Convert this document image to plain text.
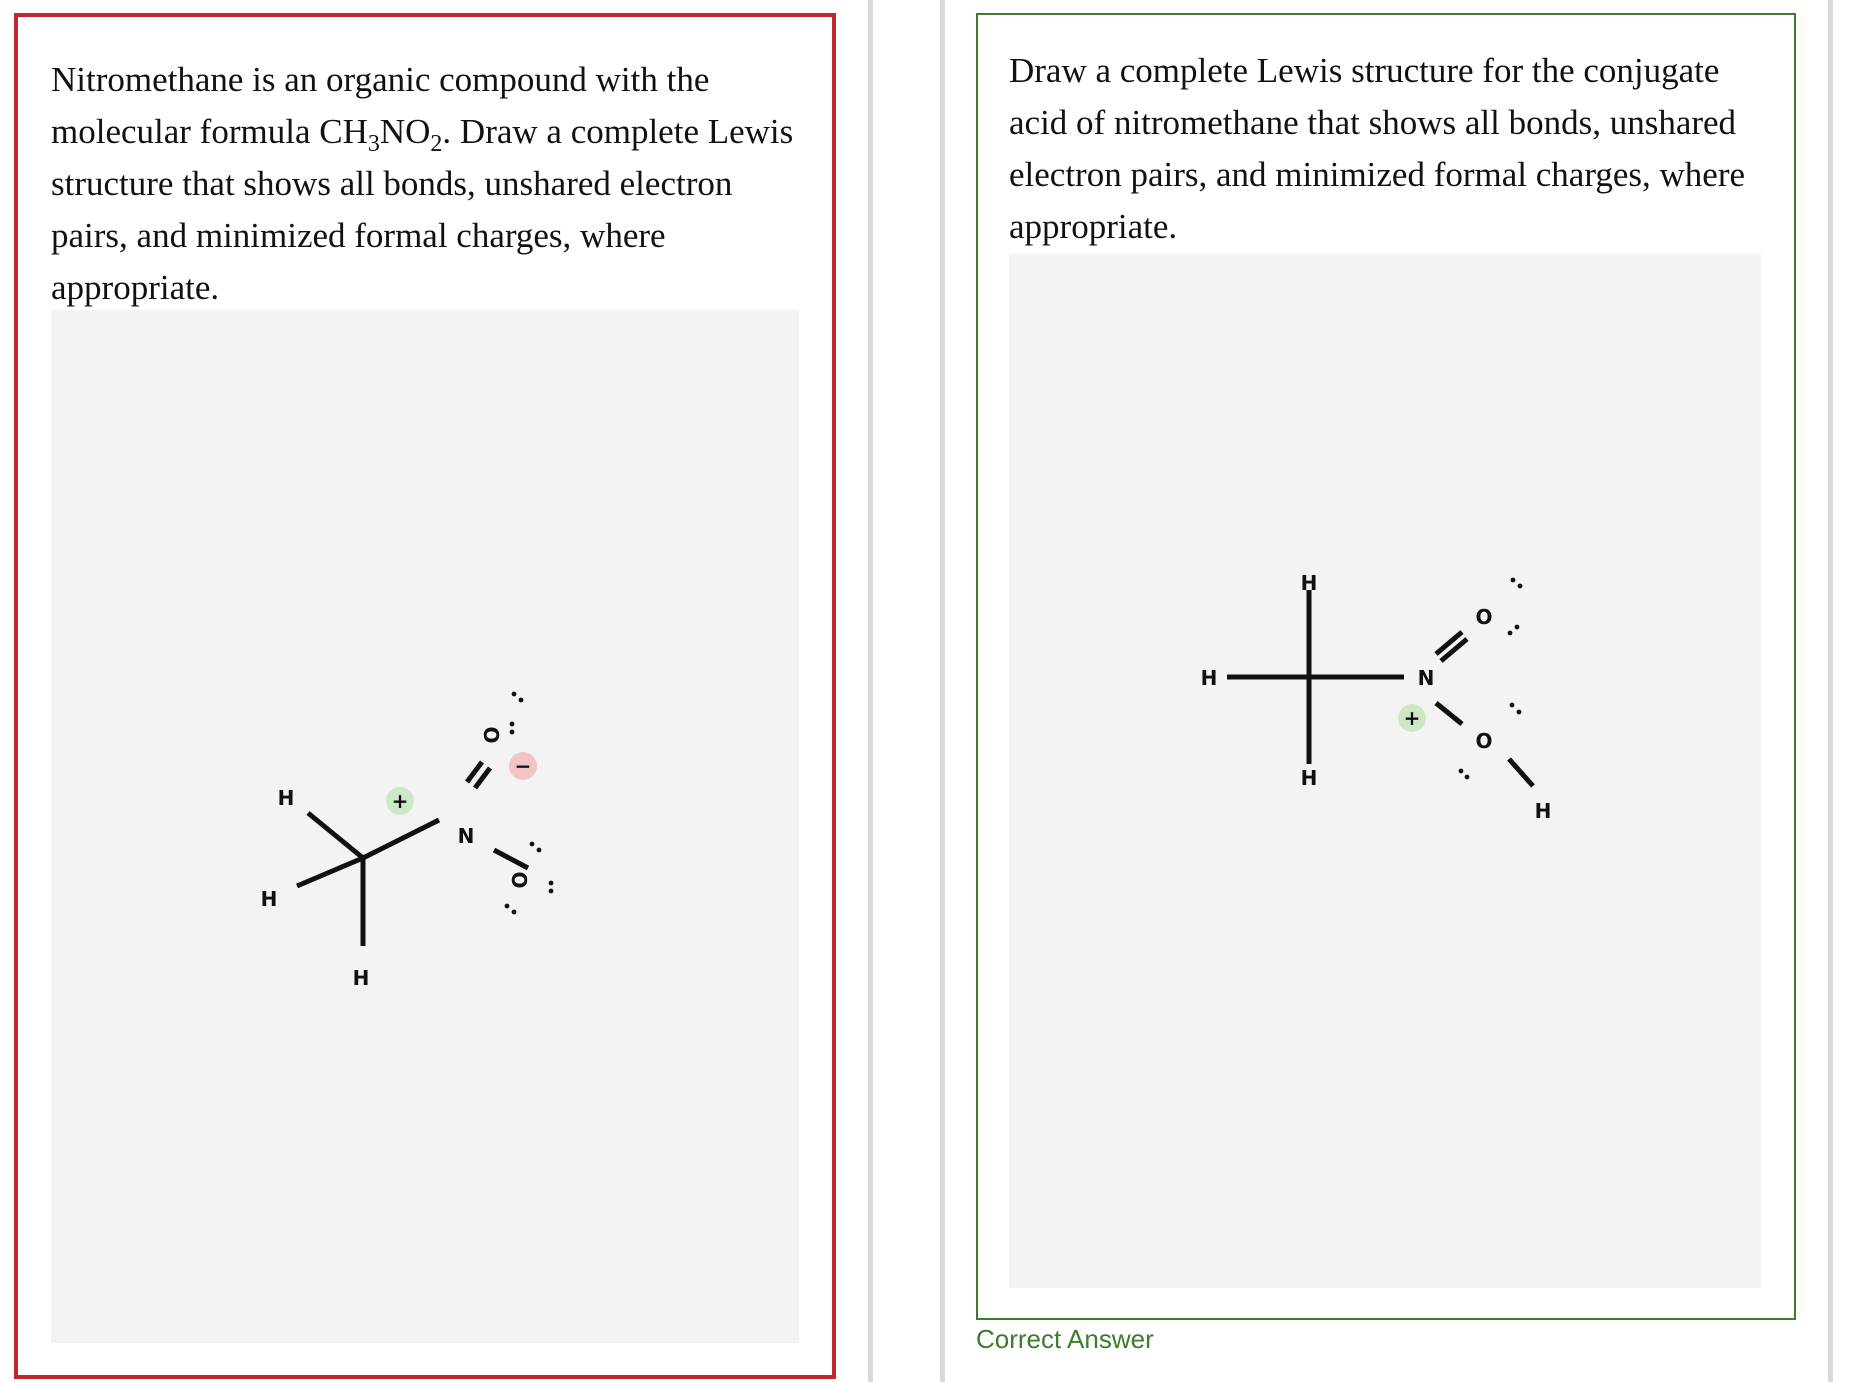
Nitromethane is an organic compound with the molecular formula $CH_3NO_2$. Draw a complete Lewis structure that shows all bonds, unshared electron pairs, and minimized formal charges, where appropriate.

H
H
H
N
O
O
+
−

Draw a complete Lewis structure for the conjugate acid of nitromethane that shows all bonds, unshared electron pairs, and minimized formal charges, where appropriate.

H
H
H
N
O
O
H
+

Correct Answer
